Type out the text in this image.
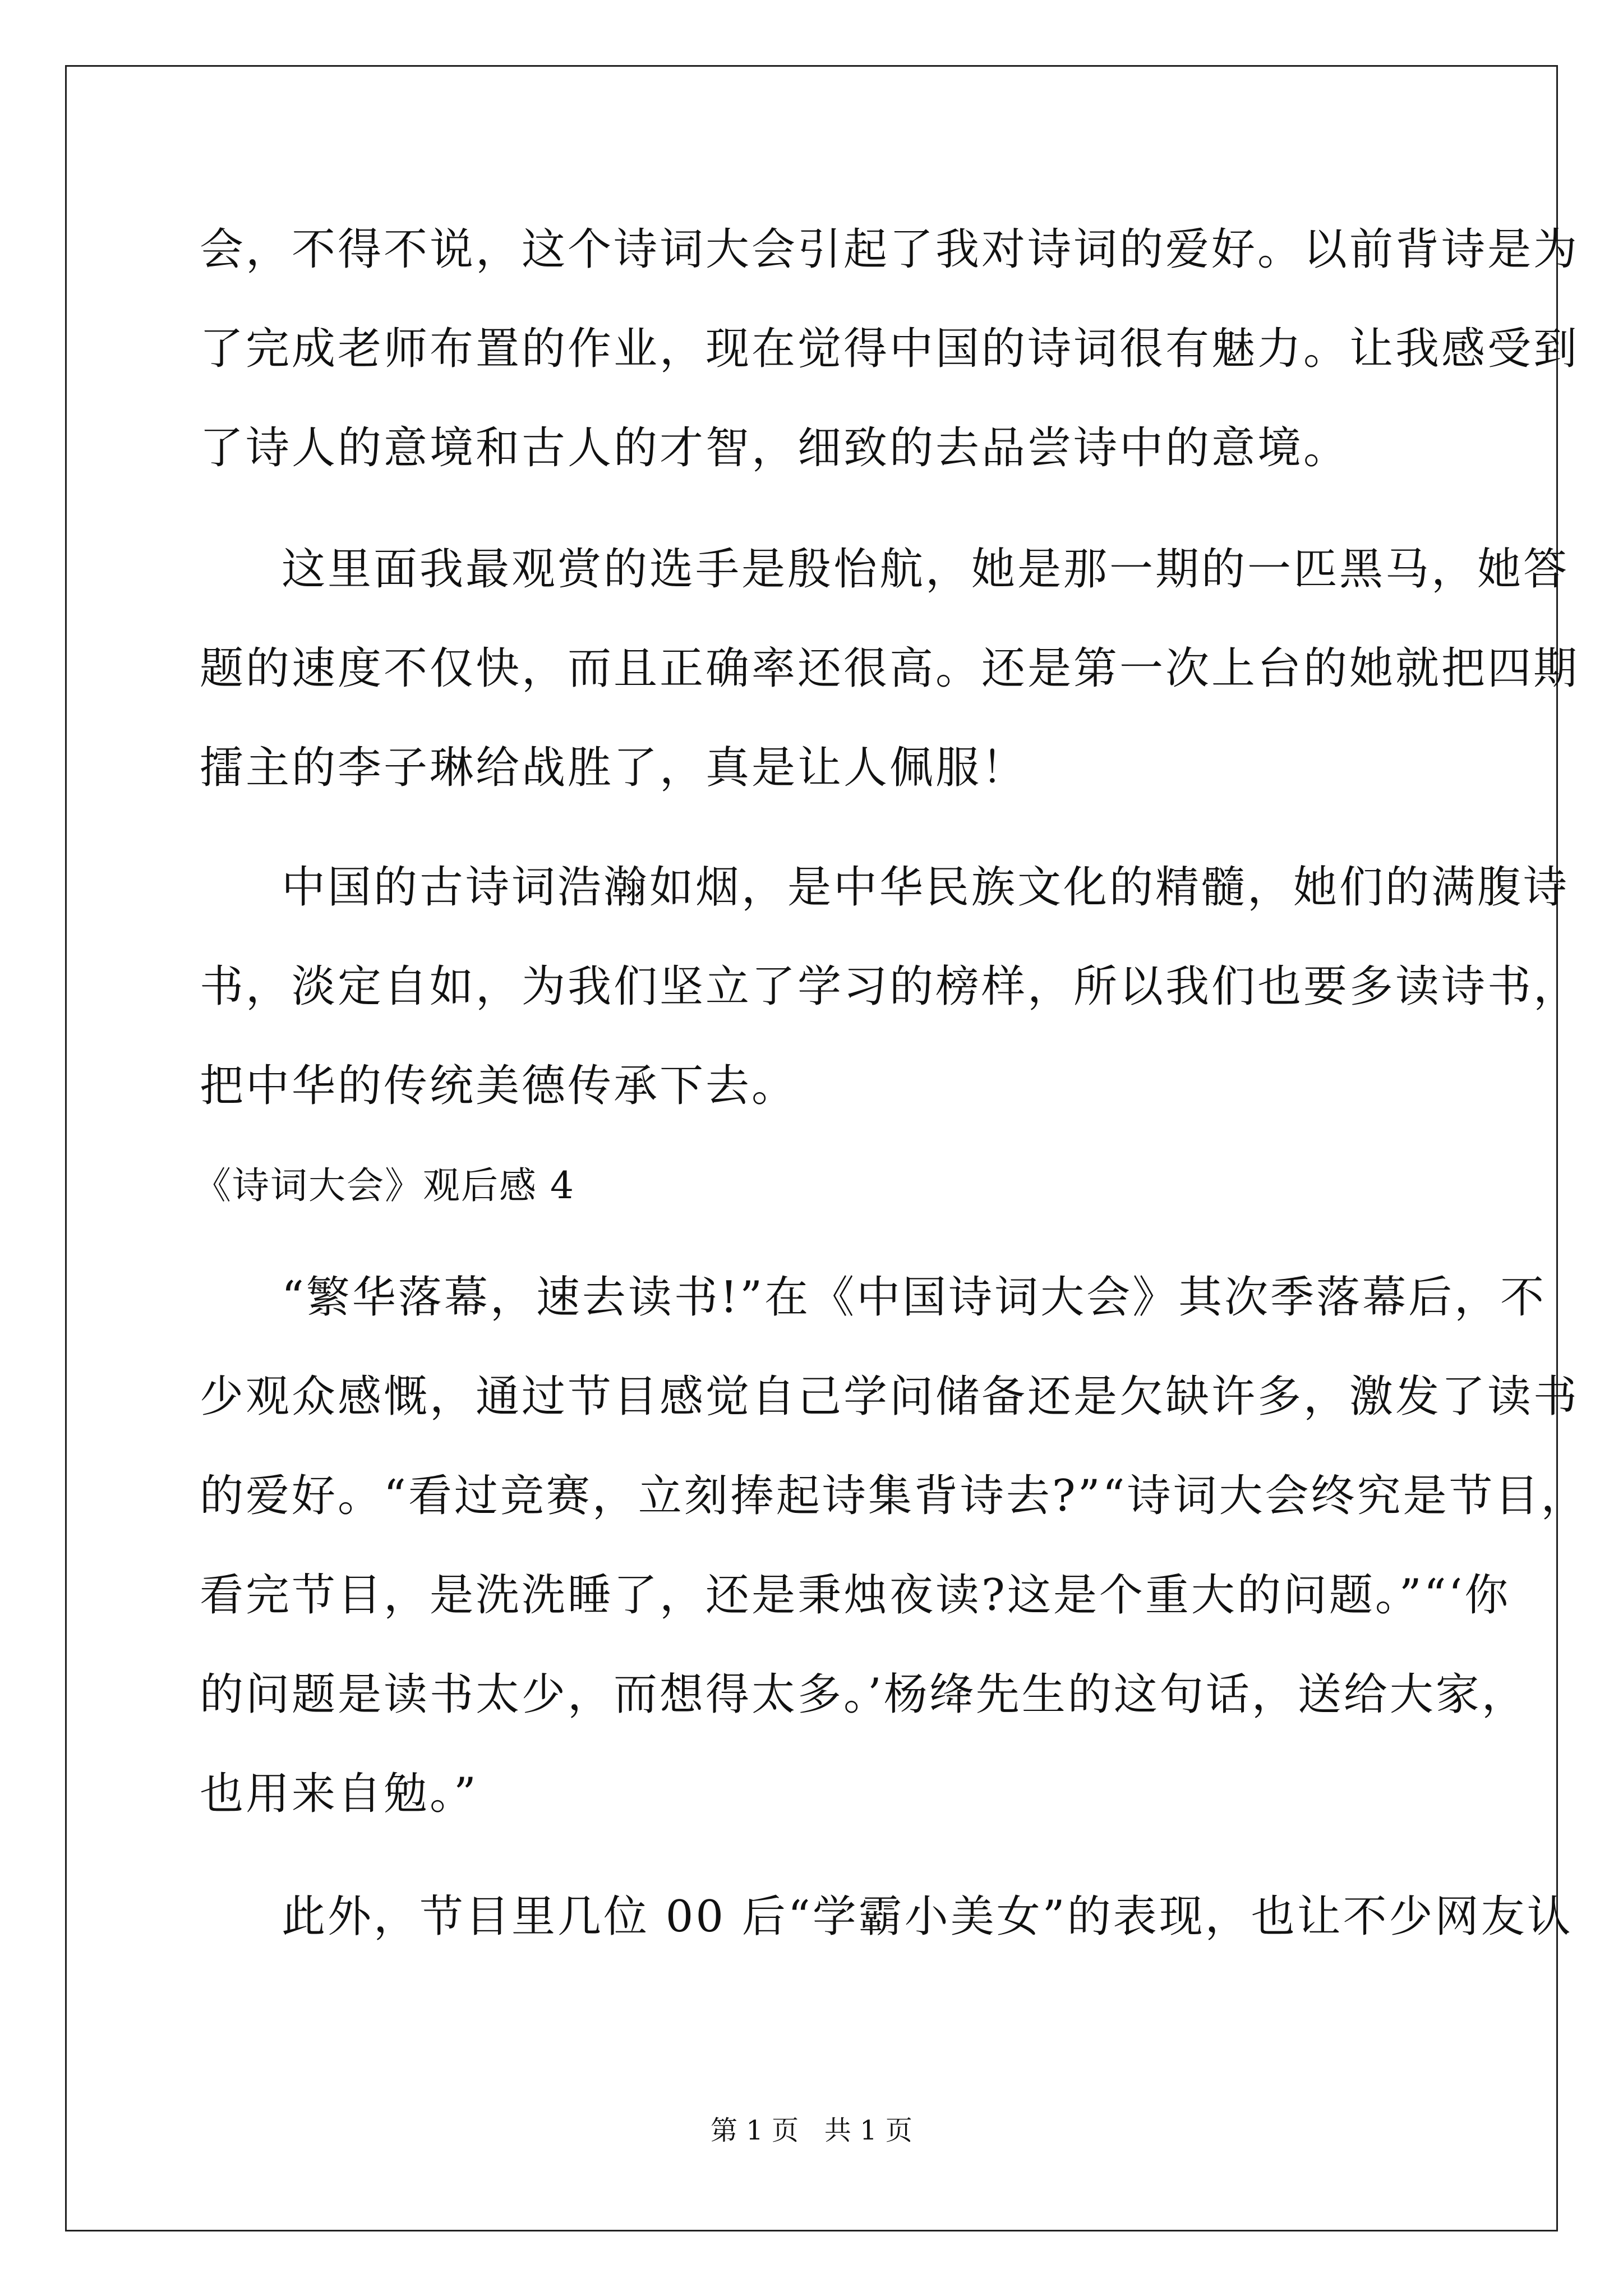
会，不得不说，这个诗词大会引起了我对诗词的爱好。以前背诗是为
了完成老师布置的作业，现在觉得中国的诗词很有魅力。让我感受到
了诗人的意境和古人的才智，细致的去品尝诗中的意境。
这里面我最观赏的选手是殷怡航，她是那一期的一匹黑马，她答
题的速度不仅快，而且正确率还很高。还是第一次上台的她就把四期
擂主的李子琳给战胜了，真是让人佩服！
中国的古诗词浩瀚如烟，是中华民族文化的精髓，她们的满腹诗
书，淡定自如，为我们坚立了学习的榜样，所以我们也要多读诗书，
把中华的传统美德传承下去。
《诗词大会》观后感 4
“繁华落幕，速去读书!”在《中国诗词大会》其次季落幕后，不
少观众感慨，通过节目感觉自己学问储备还是欠缺许多，激发了读书
的爱好。“看过竞赛，立刻捧起诗集背诗去?”“诗词大会终究是节目，
看完节目，是洗洗睡了，还是秉烛夜读?这是个重大的问题。”“‘你
的问题是读书太少，而想得太多。’杨绛先生的这句话，送给大家，
也用来自勉。”
此外，节目里几位 00 后“学霸小美女”的表现，也让不少网友认
第 1 页   共 1 页
